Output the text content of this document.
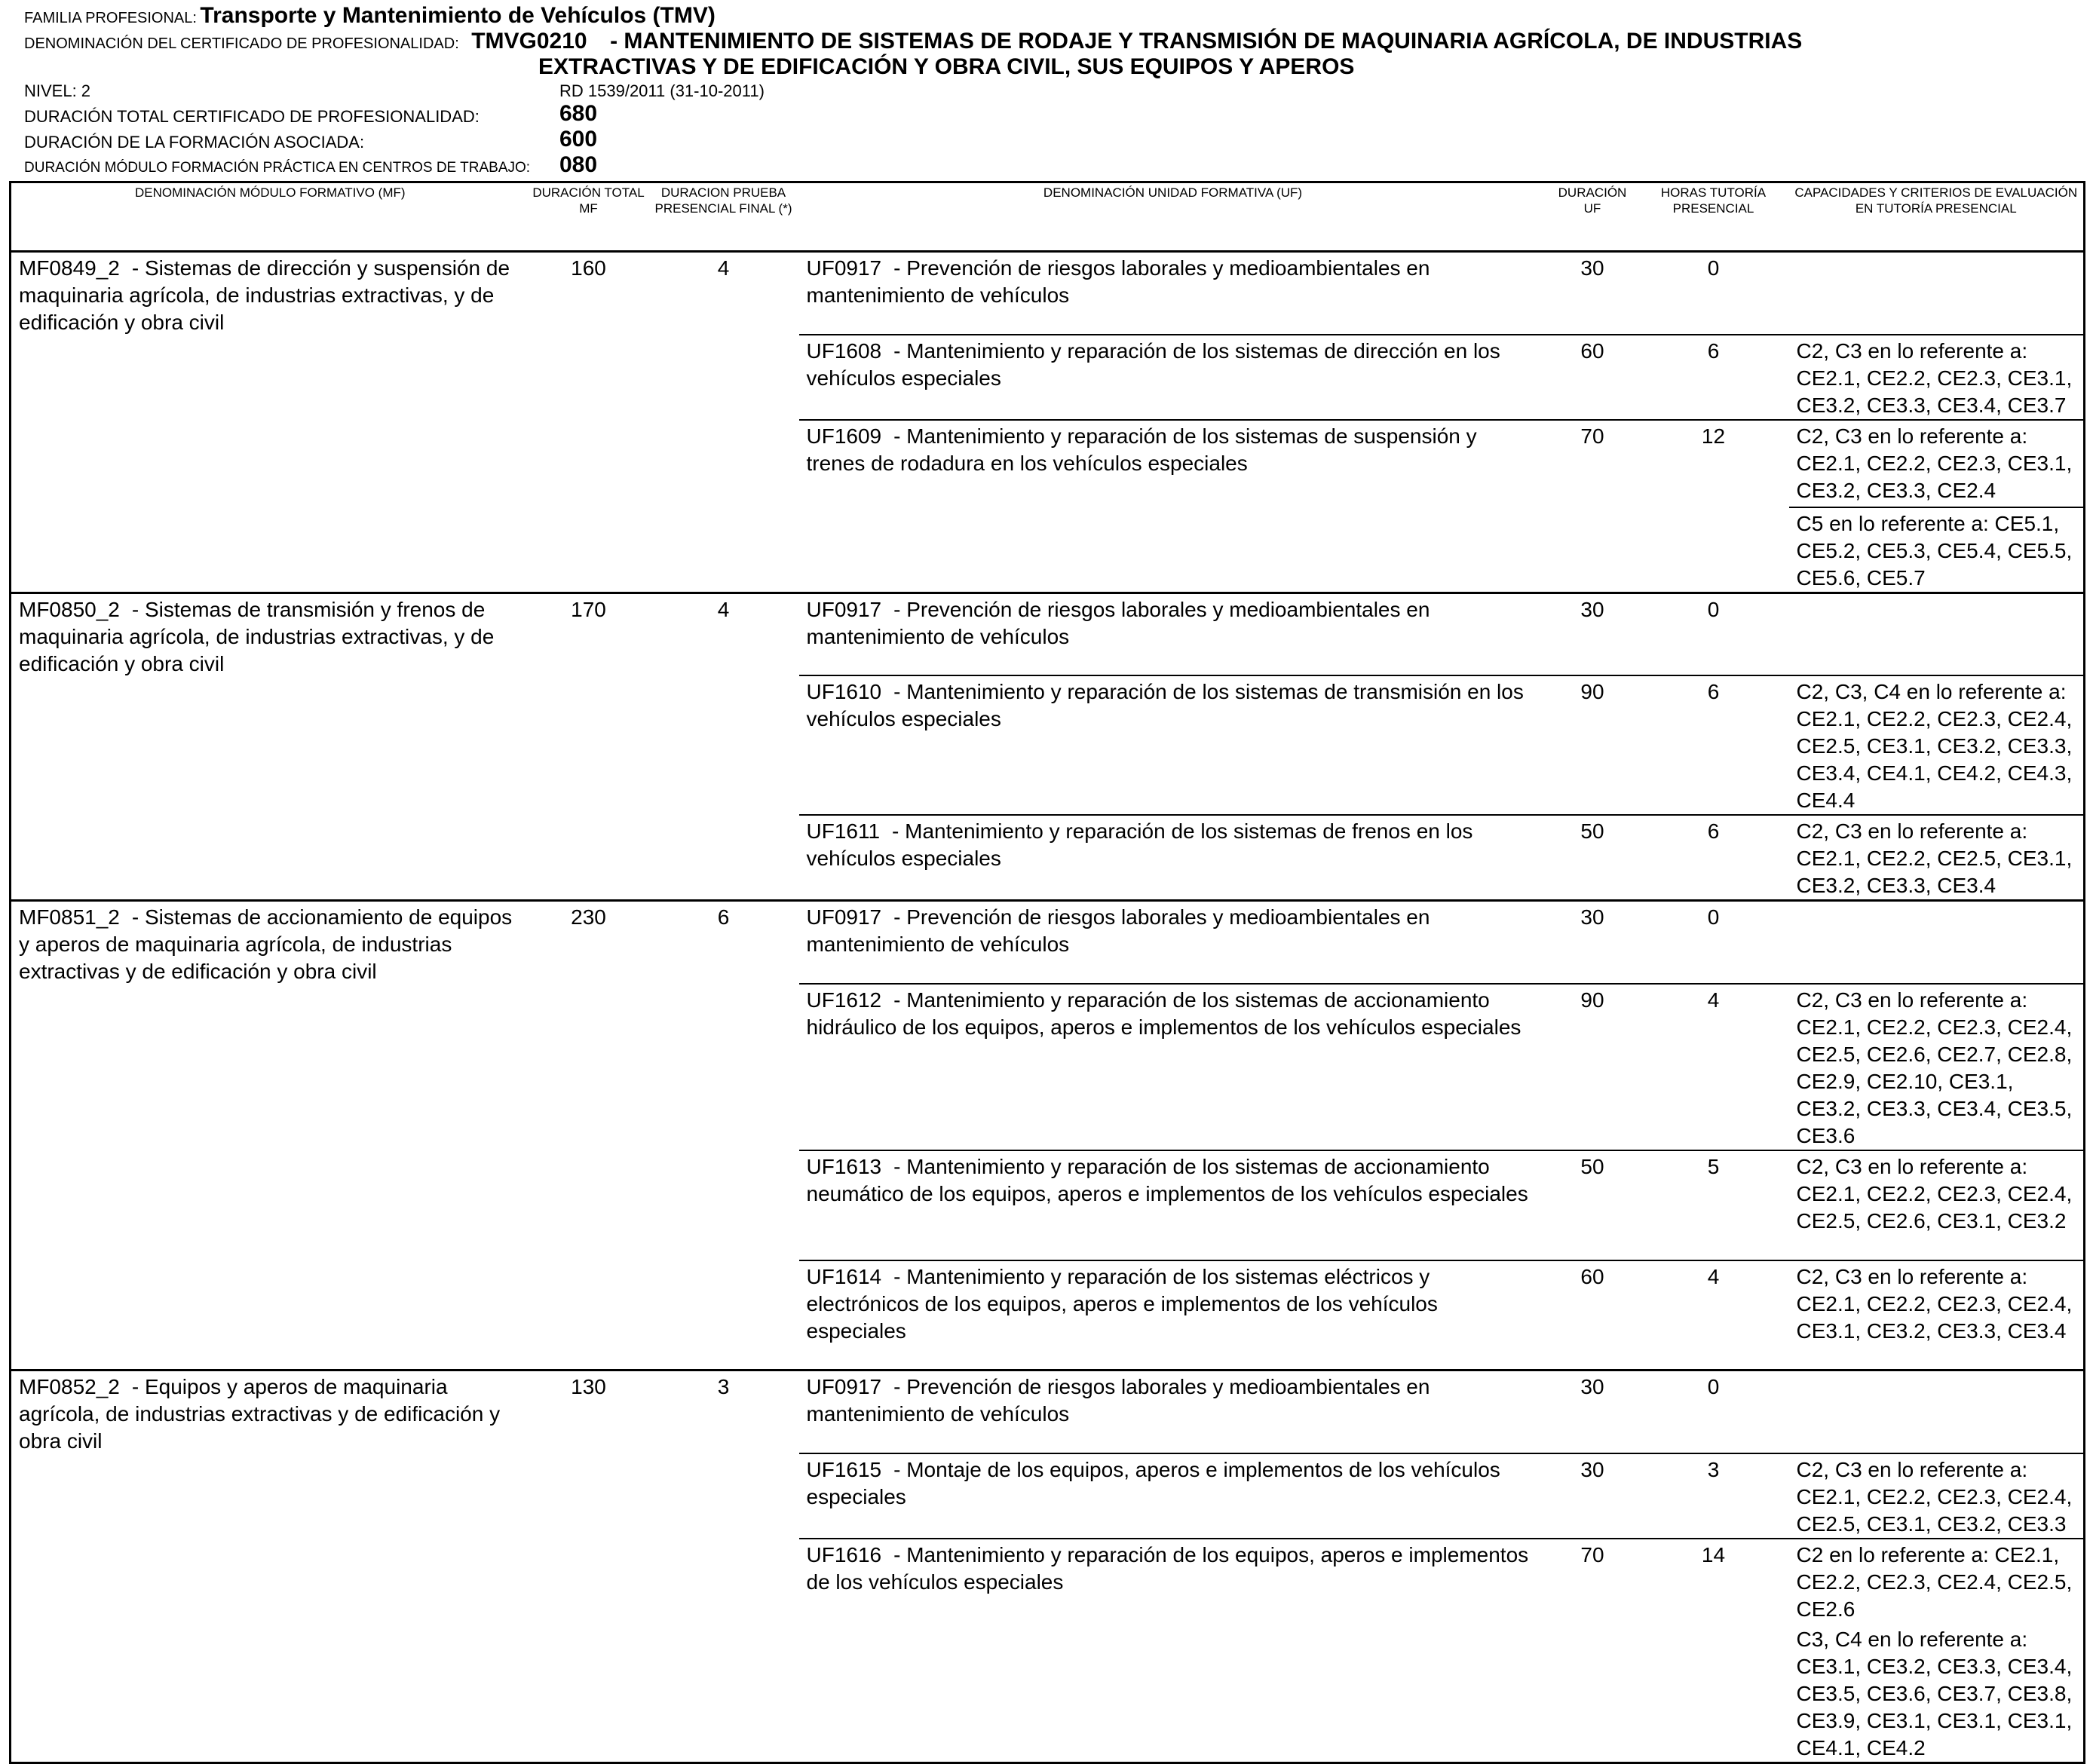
FAMILIA PROFESIONAL: Transporte y Mantenimiento de Vehículos (TMV)
DENOMINACIÓN DEL CERTIFICADO DE PROFESIONALIDAD: TMVG0210 - MANTENIMIENTO DE SISTEMAS DE RODAJE Y TRANSMISIÓN DE MAQUINARIA AGRÍCOLA, DE INDUSTRIAS
EXTRACTIVAS Y DE EDIFICACIÓN Y OBRA CIVIL, SUS EQUIPOS Y APEROS
NIVEL: 2	RD 1539/2011 (31-10-2011)
DURACIÓN TOTAL CERTIFICADO DE PROFESIONALIDAD:	680
DURACIÓN DE LA FORMACIÓN ASOCIADA:	600
DURACIÓN MÓDULO FORMACIÓN PRÁCTICA EN CENTROS DE TRABAJO: 080
DENOMINACIÓN MÓDULO FORMATIVO (MF)	DURACIÓN TOTAL MF	DURACION PRUEBA PRESENCIAL FINAL (*)	DENOMINACIÓN UNIDAD FORMATIVA (UF)	DURACIÓN UF	HORAS TUTORÍA PRESENCIAL	CAPACIDADES Y CRITERIOS DE EVALUACIÓN EN TUTORÍA PRESENCIAL
MF0849_2 - Sistemas de dirección y suspensión de maquinaria agrícola, de industrias extractivas, y de edificación y obra civil	160	4	UF0917 - Prevención de riesgos laborales y medioambientales en mantenimiento de vehículos	30	0	

			UF1608 - Mantenimiento y reparación de los sistemas de dirección en los vehículos especiales	60	6	C2, C3 en lo referente a: CE2.1, CE2.2, CE2.3, CE3.1, CE3.2, CE3.3, CE3.4, CE3.7

			UF1609 - Mantenimiento y reparación de los sistemas de suspensión y trenes de rodadura en los vehículos especiales	70	12	C2, C3 en lo referente a: CE2.1, CE2.2, CE2.3, CE3.1, CE3.2, CE3.3, CE2.4
C5 en lo referente a: CE5.1, CE5.2, CE5.3, CE5.4, CE5.5, CE5.6, CE5.7

MF0850_2 - Sistemas de transmisión y frenos de maquinaria agrícola, de industrias extractivas, y de edificación y obra civil	170	4	UF0917 - Prevención de riesgos laborales y medioambientales en mantenimiento de vehículos	30	0	

			UF1610 - Mantenimiento y reparación de los sistemas de transmisión en los vehículos especiales	90	6	C2, C3, C4 en lo referente a: CE2.1, CE2.2, CE2.3, CE2.4, CE2.5, CE3.1, CE3.2, CE3.3, CE3.4, CE4.1, CE4.2, CE4.3, CE4.4

			UF1611 - Mantenimiento y reparación de los sistemas de frenos en los vehículos especiales	50	6	C2, C3 en lo referente a: CE2.1, CE2.2, CE2.5, CE3.1, CE3.2, CE3.3, CE3.4

MF0851_2 - Sistemas de accionamiento de equipos y aperos de maquinaria agrícola, de industrias extractivas y de edificación y obra civil	230	6	UF0917 - Prevención de riesgos laborales y medioambientales en mantenimiento de vehículos	30	0	

			UF1612 - Mantenimiento y reparación de los sistemas de accionamiento hidráulico de los equipos, aperos e implementos de los vehículos especiales	90	4	C2, C3 en lo referente a: CE2.1, CE2.2, CE2.3, CE2.4, CE2.5, CE2.6, CE2.7, CE2.8, CE2.9, CE2.10, CE3.1, CE3.2, CE3.3, CE3.4, CE3.5, CE3.6

			UF1613 - Mantenimiento y reparación de los sistemas de accionamiento neumático de los equipos, aperos e implementos de los vehículos especiales	50	5	C2, C3 en lo referente a: CE2.1, CE2.2, CE2.3, CE2.4, CE2.5, CE2.6, CE3.1, CE3.2

			UF1614 - Mantenimiento y reparación de los sistemas eléctricos y electrónicos de los equipos, aperos e implementos de los vehículos especiales	60	4	C2, C3 en lo referente a: CE2.1, CE2.2, CE2.3, CE2.4, CE3.1, CE3.2, CE3.3, CE3.4

MF0852_2 - Equipos y aperos de maquinaria agrícola, de industrias extractivas y de edificación y obra civil	130	3	UF0917 - Prevención de riesgos laborales y medioambientales en mantenimiento de vehículos	30	0	

			UF1615 - Montaje de los equipos, aperos e implementos de los vehículos especiales	30	3	C2, C3 en lo referente a: CE2.1, CE2.2, CE2.3, CE2.4, CE2.5, CE3.1, CE3.2, CE3.3

			UF1616 - Mantenimiento y reparación de los equipos, aperos e implementos de los vehículos especiales	70	14	C2 en lo referente a: CE2.1, CE2.2, CE2.3, CE2.4, CE2.5, CE2.6
C3, C4 en lo referente a: CE3.1, CE3.2, CE3.3, CE3.4, CE3.5, CE3.6, CE3.7, CE3.8, CE3.9, CE3.1, CE3.1, CE3.1, CE4.1, CE4.2
